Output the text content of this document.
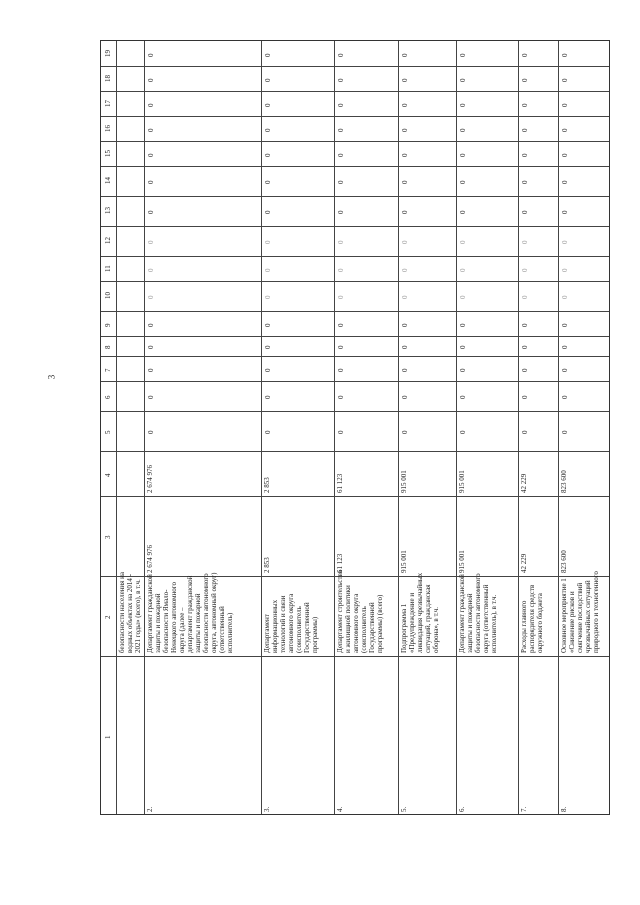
3
1
2
3
4
5
6
7
8
9
10
11
12
13
14
15
16
17
18
19
безопасности населения на водных объектах на 2014 - 2021 годы» (всего), в т.ч.
2.
Департамент гражданской защиты и пожарной безопасности Ямало- Ненецкого автономного округа (далее – департамент гражданской защиты и пожарной безопасности автономного округа, автономный округ) (ответственный исполнитель)
2 674 976
2 674 976
0
0
0
0
0
0
0
0
0
0
0
0
0
0
0
3.
Департамент информационных технологий и связи автономного округа (соисполнитель Государственной программы)
2 853
2 853
0
0
0
0
0
0
0
0
0
0
0
0
0
0
0
4.
Департамент строительства и жилищной политики автономного округа (соисполнитель Государственной программы) (всего)
61 123
61 123
0
0
0
0
0
0
0
0
0
0
0
0
0
0
0
5.
Подпрограмма 1 «Предупреждение и ликвидация чрезвычайных ситуаций, гражданская оборона», в т.ч.
915 001
915 001
0
0
0
0
0
0
0
0
0
0
0
0
0
0
0
6.
Департамент гражданской защиты и пожарной безопасности автономного округа (ответственный исполнитель), в т.ч.
915 001
915 001
0
0
0
0
0
0
0
0
0
0
0
0
0
0
0
7.
Расходы главного распорядителя средств окружного бюджета
42 229
42 229
0
0
0
0
0
0
0
0
0
0
0
0
0
0
0
8.
Основное мероприятие 1 «Снижение рисков и смягчение последствий чрезвычайных ситуаций природного и техногенного
823 600
823 600
0
0
0
0
0
0
0
0
0
0
0
0
0
0
0
